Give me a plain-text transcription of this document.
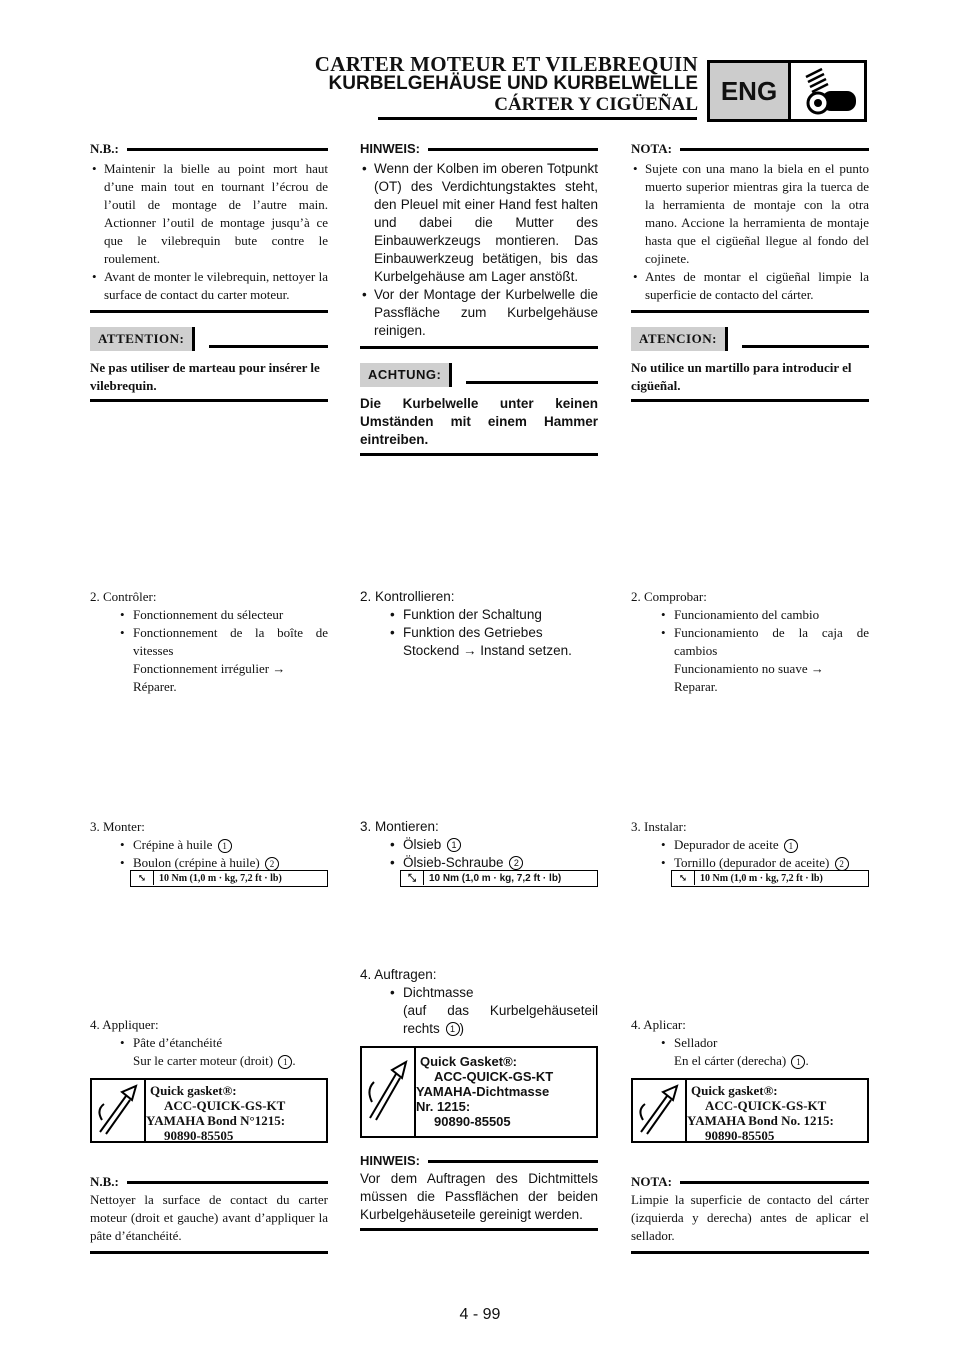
CARTER MOTEUR ET VILEBREQUIN
KURBELGEHÄUSE UND KURBELWELLE
CÁRTER Y CIGÜEÑAL ENG
N.B.:
• Maintenir la bielle au point mort haut d’une main tout en tournant l’écrou de l’outil de montage de l’autre main. Actionner l’outil de montage jusqu’à ce que le vilebrequin bute contre le roulement.
• Avant de monter le vilebrequin, nettoyer la surface de contact du carter moteur.
ATTENTION:
Ne pas utiliser de marteau pour insérer le vilebrequin.
2. Contrôler:
• Fonctionnement du sélecteur
• Fonctionnement de la boîte de vitesses
Fonctionnement irrégulier →
Réparer.
3. Monter:
• Crépine à huile 1
• Boulon (crépine à huile) 2
⤡	10 Nm (1,0 m · kg, 7,2 ft · lb)
4. Appliquer:
• Pâte d’étanchéité
Sur le carter moteur (droit) 1 .
Quick gasket®:
ACC-QUICK-GS-KT
YAMAHA Bond N°1215:
90890-85505
N.B.:
Nettoyer la surface de contact du carter moteur (droit et gauche) avant d’appliquer la pâte d’étanchéité.
HINWEIS:
• Wenn der Kolben im oberen Totpunkt (OT) des Verdichtungstaktes steht, den Pleuel mit einer Hand fest halten und dabei die Mutter des Einbauwerkzeugs montieren. Das Einbauwerkzeug betätigen, bis das Kurbelgehäuse am Lager anstößt.
• Vor der Montage der Kurbelwelle die Passfläche zum Kurbelgehäuse reinigen.
ACHTUNG:
Die Kurbelwelle unter keinen Umständen mit einem Hammer eintreiben.
2. Kontrollieren:
• Funktion der Schaltung
• Funktion des Getriebes
Stockend → Instand setzen.
3. Montieren:
• Ölsieb 1
• Ölsieb-Schraube 2
⤡	10 Nm (1,0 m · kg, 7,2 ft · lb)
4. Auftragen:
• Dichtmasse
(auf das Kurbelgehäuseteil rechts 1 )
Quick Gasket®:
ACC-QUICK-GS-KT
YAMAHA-Dichtmasse
Nr. 1215:
90890-85505
HINWEIS:
Vor dem Auftragen des Dichtmittels müssen die Passflächen der beiden Kurbelgehäuseteile gereinigt werden.
NOTA:
• Sujete con una mano la biela en el punto muerto superior mientras gira la tuerca de la herramienta de montaje con la otra mano. Accione la herramienta de montaje hasta que el cigüeñal llegue al fondo del cojinete.
• Antes de montar el cigüeñal limpie la superficie de contacto del cárter.
ATENCION:
No utilice un martillo para introducir el cigüeñal.
2. Comprobar:
• Funcionamiento del cambio
• Funcionamiento de la caja de cambios
Funcionamiento no suave →
Reparar.
3. Instalar:
• Depurador de aceite 1
• Tornillo (depurador de aceite) 2
⤡	10 Nm (1,0 m · kg, 7,2 ft · lb)
4. Aplicar:
• Sellador
En el cárter (derecha) 1 .
Quick gasket®:
ACC-QUICK-GS-KT
YAMAHA Bond No. 1215:
90890-85505
NOTA:
Limpie la superficie de contacto del cárter (izquierda y derecha) antes de aplicar el sellador.
4 - 99
